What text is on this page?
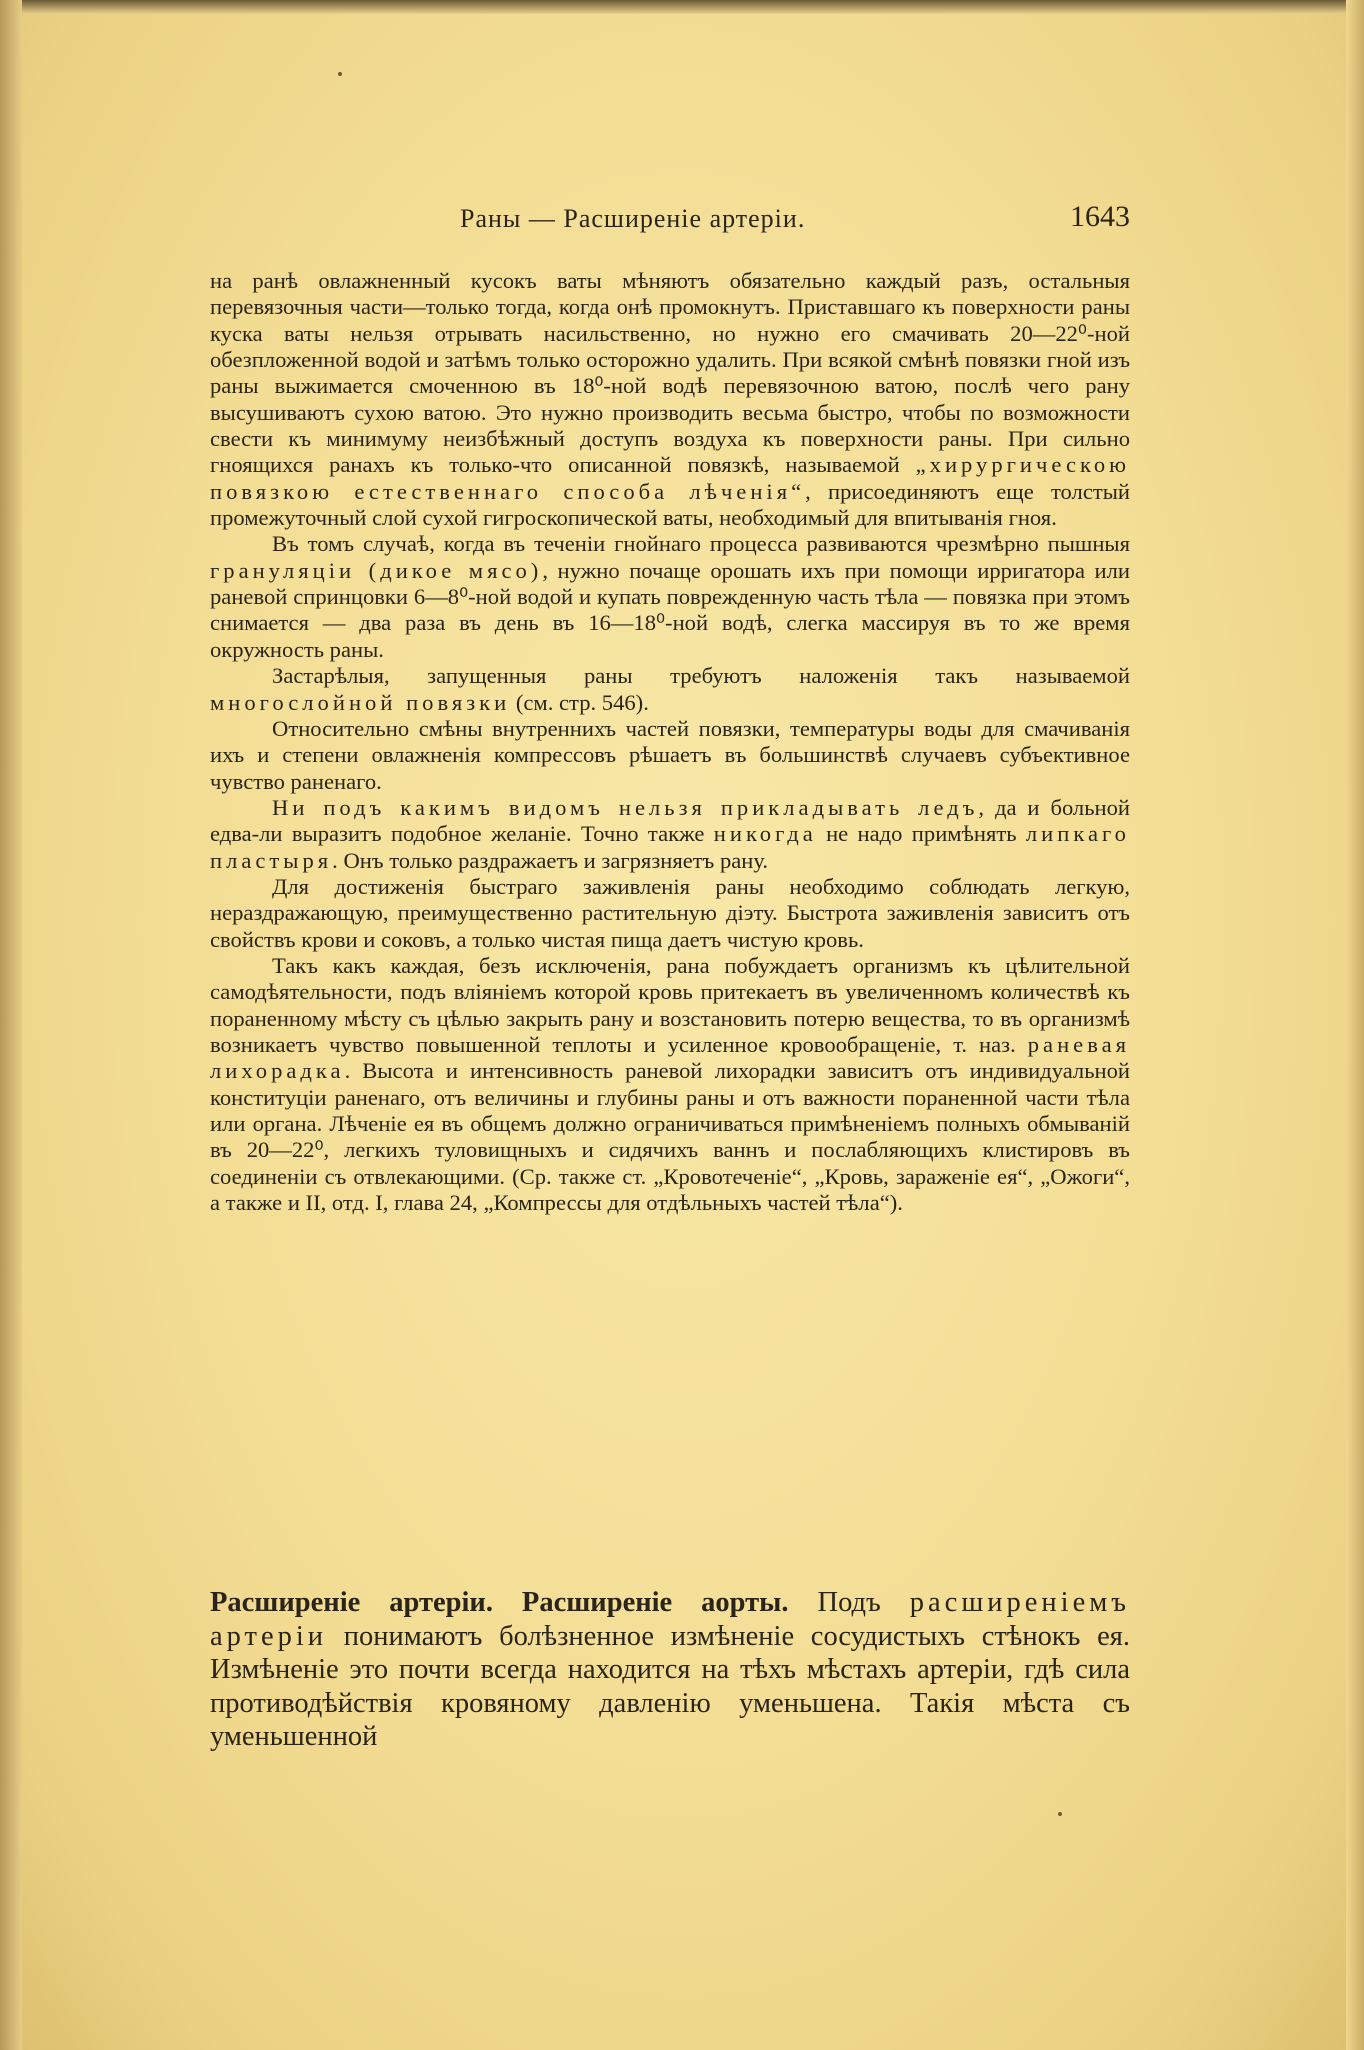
Раны — Расширеніе артеріи.	1643

на ранѣ овлажненный кусокъ ваты мѣняютъ обязательно каждый разъ, остальныя перевязочныя части—только тогда, когда онѣ промокнутъ. Приставшаго къ поверхности раны куска ваты нельзя отрывать насильственно, но нужно его смачивать 20—22⁰-ной обезпложенной водой и затѣмъ только осторожно удалить. При всякой смѣнѣ повязки гной изъ раны выжимается смоченною въ 18⁰-ной водѣ перевязочною ватою, послѣ чего рану высушиваютъ сухою ватою. Это нужно производить весьма быстро, чтобы по возможности свести къ минимуму неизбѣжный доступъ воздуха къ поверхности раны. При сильно гноящихся ранахъ къ только-что описанной повязкѣ, называемой „хирургическою повязкою естественнаго способа лѣченія“, присоединяютъ еще толстый промежуточный слой сухой гигроскопической ваты, необходимый для впитыванія гноя.

Въ томъ случаѣ, когда въ теченіи гнойнаго процесса развиваются чрезмѣрно пышныя грануляціи (дикое мясо), нужно почаще орошать ихъ при помощи ирригатора или раневой спринцовки 6—8⁰-ной водой и купать поврежденную часть тѣла — повязка при этомъ снимается — два раза въ день въ 16—18⁰-ной водѣ, слегка массируя въ то же время окружность раны.

Застарѣлыя, запущенныя раны требуютъ наложенія такъ называемой многослойной повязки (см. стр. 546).

Относительно смѣны внутреннихъ частей повязки, температуры воды для смачиванія ихъ и степени овлажненія компрессовъ рѣшаетъ въ большинствѣ случаевъ субъективное чувство раненаго.

Ни подъ какимъ видомъ нельзя прикладывать ледъ, да и больной едва-ли выразитъ подобное желаніе. Точно также никогда не надо примѣнять липкаго пластыря. Онъ только раздражаетъ и загрязняетъ рану.

Для достиженія быстраго заживленія раны необходимо соблюдать легкую, нераздражающую, преимущественно растительную діэту. Быстрота заживленія зависитъ отъ свойствъ крови и соковъ, а только чистая пища даетъ чистую кровь.

Такъ какъ каждая, безъ исключенія, рана побуждаетъ организмъ къ цѣлительной самодѣятельности, подъ вліяніемъ которой кровь притекаетъ въ увеличенномъ количествѣ къ пораненному мѣсту съ цѣлью закрыть рану и возстановить потерю вещества, то въ организмѣ возникаетъ чувство повышенной теплоты и усиленное кровообращеніе, т. наз. раневая лихорадка. Высота и интенсивность раневой лихорадки зависитъ отъ индивидуальной конституціи раненаго, отъ величины и глубины раны и отъ важности пораненной части тѣла или органа. Лѣченіе ея въ общемъ должно ограничиваться примѣненіемъ полныхъ обмываній въ 20—22⁰, легкихъ туловищныхъ и сидячихъ ваннъ и послабляющихъ клистировъ въ соединеніи съ отвлекающими. (Ср. также ст. „Кровотеченіе“, „Кровь, зараженіе ея“, „Ожоги“, а также и II, отд. I, глава 24, „Компрессы для отдѣльныхъ частей тѣла“).

Расширеніе артеріи. Расширеніе аорты. Подъ расширеніемъ артеріи понимаютъ болѣзненное измѣненіе сосудистыхъ стѣнокъ ея. Измѣненіе это почти всегда находится на тѣхъ мѣстахъ артеріи, гдѣ сила противодѣйствія кровяному давленію уменьшена. Такія мѣста съ уменьшенной
